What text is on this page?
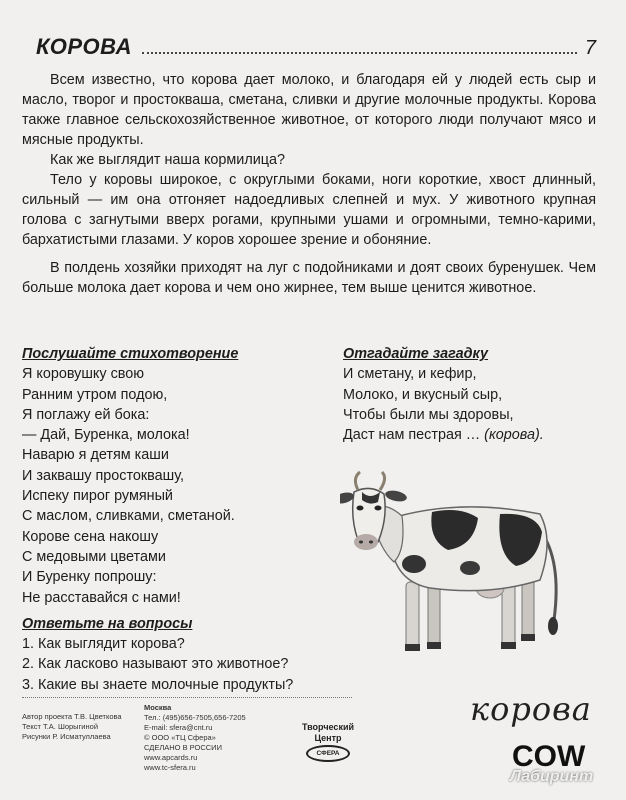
КОРОВА	7

Всем известно, что корова дает молоко, и благодаря ей у людей есть сыр и масло, творог и простокваша, сметана, сливки и другие молочные продукты. Корова также главное сельскохозяйственное животное, от которого люди получают мясо и мясные продукты.

Как же выглядит наша кормилица?

Тело у коровы широкое, с округлыми боками, ноги короткие, хвост длинный, сильный — им она отгоняет надоедливых слепней и мух. У животного крупная голова с загнутыми вверх рогами, крупными ушами и огромными, темно-карими, бархатистыми глазами. У коров хорошее зрение и обоняние.

В полдень хозяйки приходят на луг с подойниками и доят своих буренушек. Чем больше молока дает корова и чем оно жирнее, тем выше ценится животное.

Послушайте стихотворение
Я коровушку свою
Ранним утром подою,
Я поглажу ей бока:
— Дай, Буренка, молока!
Наварю я детям каши
И заквашу простоквашу,
Испеку пирог румяный
С маслом, сливками, сметаной.
Корове сена накошу
С медовыми цветами
И Буренку попрошу:
Не расставайся с нами!
Ответьте на вопросы
1. Как выглядит корова?
2. Как ласково называют это животное?
3. Какие вы знаете молочные продукты?
Отгадайте загадку
И сметану, и кефир,
Молоко, и вкусный сыр,
Чтобы были мы здоровы,
Даст нам пестрая … (корова).
Автор проекта Т.В. Цветкова
Текст Т.А. Шорыгиной
Рисунки Р. Исматуллаева
Москва
Тел.: (495)656-7505,656-7205
E-mail: sfera@cnt.ru
© ООО «ТЦ Сфера»
СДЕЛАНО В РОССИИ
www.apcards.ru
www.tc-sfera.ru
Творческий
Центр
СФЕРА
корова
COW
Лабиринт
